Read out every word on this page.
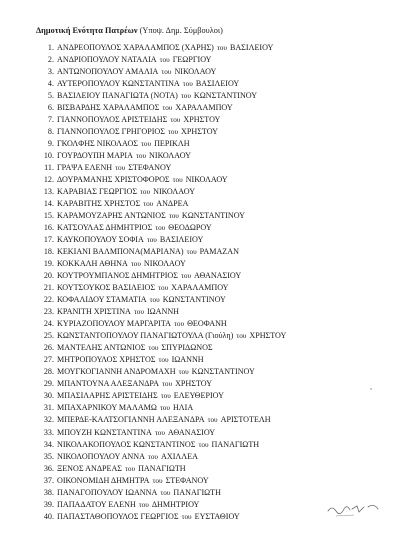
Δημοτική Ενότητα Πατρέων (Υποψ. Δημ. Σύμβουλοι)
1. ΑΝΔΡΕΟΠΟΥΛΟΣ ΧΑΡΑΛΑΜΠΟΣ (ΧΑΡΗΣ) του ΒΑΣΙΛΕΙΟΥ
2. ΑΝΔΡΙΟΠΟΥΛΟΥ ΝΑΤΑΛΙΑ του ΓΕΩΡΓΙΟΥ
3. ΑΝΤΩΝΟΠΟΥΛΟΥ ΑΜΑΛΙΑ του ΝΙΚΟΛΑΟΥ
4. ΑΥΤΕΡΟΠΟΥΛΟΥ ΚΩΝΣΤΑΝΤΙΝΑ του ΒΑΣΙΛΕΙΟΥ
5. ΒΑΣΙΛΕΙΟΥ ΠΑΝΑΓΙΩΤΑ (ΝΟΤΑ) του ΚΩΝΣΤΑΝΤΙΝΟΥ
6. ΒΙΣΒΑΡΔΗΣ ΧΑΡΑΛΑΜΠΟΣ του ΧΑΡΑΛΑΜΠΟΥ
7. ΓΙΑΝΝΟΠΟΥΛΟΣ ΑΡΙΣΤΕΙΔΗΣ του ΧΡΗΣΤΟΥ
8. ΓΙΑΝΝΟΠΟΥΛΟΣ ΓΡΗΓΟΡΙΟΣ του ΧΡΗΣΤΟΥ
9. ΓΚΟΛΦΗΣ ΝΙΚΟΛΑΟΣ του ΠΕΡΙΚΛΗ
10. ΓΟΥΡΔΟΥΠΗ ΜΑΡΙΑ του ΝΙΚΟΛΑΟΥ
11. ΓΡΑΨΑ ΕΛΕΝΗ του ΣΤΕΦΑΝΟΥ
12. ΔΟΥΡΑΜΑΝΗΣ ΧΡΙΣΤΟΦΟΡΟΣ του ΝΙΚΟΛΑΟΥ
13. ΚΑΡΑΒΙΑΣ ΓΕΩΡΓΙΟΣ του ΝΙΚΟΛΑΟΥ
14. ΚΑΡΑΒΙΤΗΣ ΧΡΗΣΤΟΣ του ΑΝΔΡΕΑ
15. ΚΑΡΑΜΟΥΖΑΡΗΣ ΑΝΤΩΝΙΟΣ του ΚΩΝΣΤΑΝΤΙΝΟΥ
16. ΚΑΤΣΟΥΛΑΣ ΔΗΜΗΤΡΙΟΣ του ΘΕΟΔΩΡΟΥ
17. ΚΑΥΚΟΠΟΥΛΟΥ ΣΟΦΙΑ του ΒΑΣΙΛΕΙΟΥ
18. ΚΕΚΙΑΝΙ ΒΑΛΜΠΟΝΑ(ΜΑΡΙΑΝΑ) του ΡΑΜΑΖΑΝ
19. ΚΟΚΚΑΛΗ ΑΘΗΝΑ του ΝΙΚΟΛΑΟΥ
20. ΚΟΥΤΡΟΥΜΠΑΝΟΣ ΔΗΜΗΤΡΙΟΣ του ΑΘΑΝΑΣΙΟΥ
21. ΚΟΥΤΣΟΥΚΟΣ ΒΑΣΙΛΕΙΟΣ του ΧΑΡΑΛΑΜΠΟΥ
22. ΚΟΦΑΛΙΔΟΥ ΣΤΑΜΑΤΙΑ του ΚΩΝΣΤΑΝΤΙΝΟΥ
23. ΚΡΑΝΙΤΗ ΧΡΙΣΤΙΝΑ του ΙΩΑΝΝΗ
24. ΚΥΡΙΑΖΟΠΟΥΛΟΥ ΜΑΡΓΑΡΙΤΑ του ΘΕΟΦΑΝΗ
25. ΚΩΝΣΤΑΝΤΟΠΟΥΛΟΥ ΠΑΝΑΓΙΩΤΟΥΛΑ (Γιούλη) του ΧΡΗΣΤΟΥ
26. ΜΑΝΤΕΛΗΣ ΑΝΤΩΝΙΟΣ του ΣΠΥΡΙΔΩΝΟΣ
27. ΜΗΤΡΟΠΟΥΛΟΣ ΧΡΗΣΤΟΣ του ΙΩΑΝΝΗ
28. ΜΟΥΓΚΟΓΙΑΝΝΗ ΑΝΔΡΟΜΑΧΗ του ΚΩΝΣΤΑΝΤΙΝΟΥ
29. ΜΠΑΝΤΟΥΝΑ ΑΛΕΞΑΝΔΡΑ του ΧΡΗΣΤΟΥ
30. ΜΠΑΣΙΛΑΡΗΣ ΑΡΙΣΤΕΙΔΗΣ του ΕΛΕΥΘΕΡΙΟΥ
31. ΜΠΑΧΑΡΝΙΚΟΥ ΜΑΛΑΜΩ του ΗΛΙΑ
32. ΜΠΕΡΔΕ-ΚΑΛΤΣΟΓΙΑΝΝΗ ΑΛΕΞΑΝΔΡΑ του ΑΡΙΣΤΟΤΕΛΗ
33. ΜΠΟΥΖΗ ΚΩΝΣΤΑΝΤΙΝΑ του ΑΘΑΝΑΣΙΟΥ
34. ΝΙΚΟΛΑΚΟΠΟΥΛΟΣ ΚΩΝΣΤΑΝΤΙΝΟΣ του ΠΑΝΑΓΙΩΤΗ
35. ΝΙΚΟΛΟΠΟΥΛΟΥ ΑΝΝΑ του ΑΧΙΛΛΕΑ
36. ΞΕΝΟΣ ΑΝΔΡΕΑΣ του ΠΑΝΑΓΙΩΤΗ
37. ΟΙΚΟΝΟΜΙΔΗ ΔΗΜΗΤΡΑ του ΣΤΕΦΑΝΟΥ
38. ΠΑΝΑΓΟΠΟΥΛΟΥ ΙΩΑΝΝΑ του ΠΑΝΑΓΙΩΤΗ
39. ΠΑΠΑΔΑΤΟΥ ΕΛΕΝΗ του ΔΗΜΗΤΡΙΟΥ
40. ΠΑΠΑΣΤΑΘΟΠΟΥΛΟΣ ΓΕΩΡΓΙΟΣ του ΕΥΣΤΑΘΙΟΥ
